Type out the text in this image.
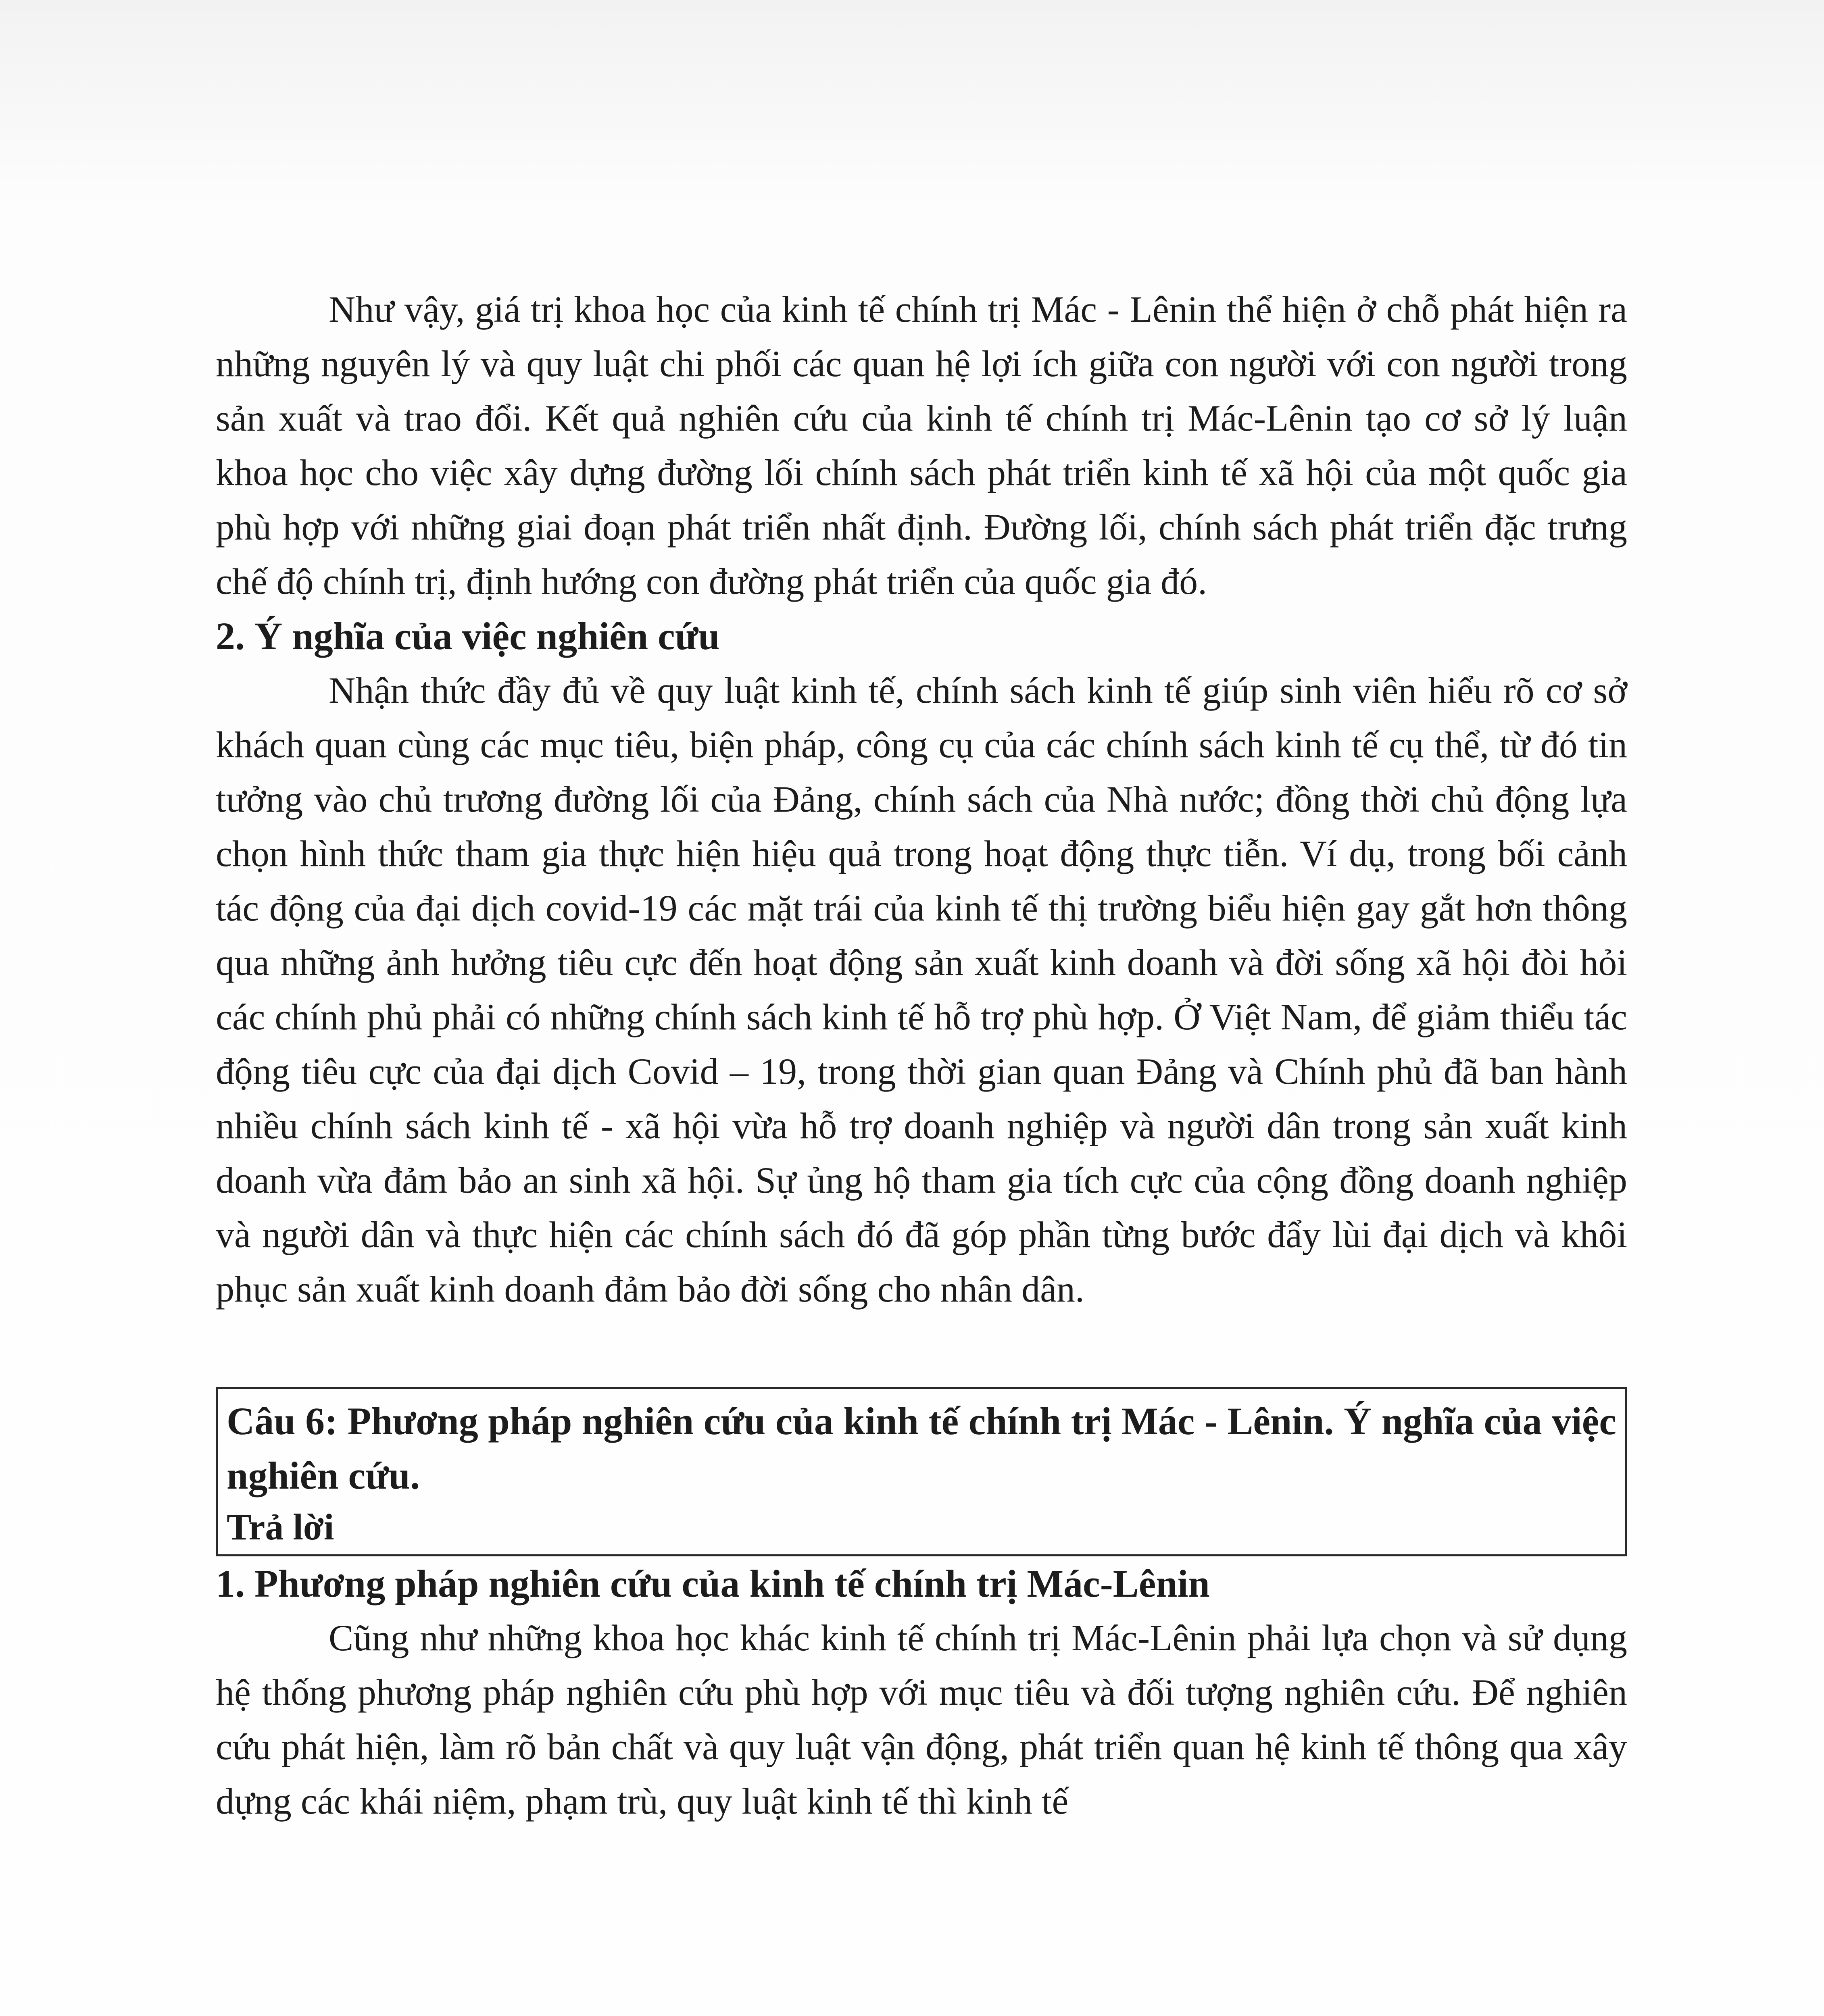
Như vậy, giá trị khoa học của kinh tế chính trị Mác - Lênin thể hiện ở chỗ phát hiện ra những nguyên lý và quy luật chi phối các quan hệ lợi ích giữa con người với con người trong sản xuất và trao đổi. Kết quả nghiên cứu của kinh tế chính trị Mác-Lênin tạo cơ sở lý luận khoa học cho việc xây dựng đường lối chính sách phát triển kinh tế xã hội của một quốc gia phù hợp với những giai đoạn phát triển nhất định. Đường lối, chính sách phát triển đặc trưng chế độ chính trị, định hướng con đường phát triển của quốc gia đó.

2. Ý nghĩa của việc nghiên cứu

Nhận thức đầy đủ về quy luật kinh tế, chính sách kinh tế giúp sinh viên hiểu rõ cơ sở khách quan cùng các mục tiêu, biện pháp, công cụ của các chính sách kinh tế cụ thể, từ đó tin tưởng vào chủ trương đường lối của Đảng, chính sách của Nhà nước; đồng thời chủ động lựa chọn hình thức tham gia thực hiện hiệu quả trong hoạt động thực tiễn. Ví dụ, trong bối cảnh tác động của đại dịch covid-19 các mặt trái của kinh tế thị trường biểu hiện gay gắt hơn thông qua những ảnh hưởng tiêu cực đến hoạt động sản xuất kinh doanh và đời sống xã hội đòi hỏi các chính phủ phải có những chính sách kinh tế hỗ trợ phù hợp. Ở Việt Nam, để giảm thiểu tác động tiêu cực của đại dịch Covid – 19, trong thời gian quan Đảng và Chính phủ đã ban hành nhiều chính sách kinh tế - xã hội vừa hỗ trợ doanh nghiệp và người dân trong sản xuất kinh doanh vừa đảm bảo an sinh xã hội. Sự ủng hộ tham gia tích cực của cộng đồng doanh nghiệp và người dân và thực hiện các chính sách đó đã góp phần từng bước đẩy lùi đại dịch và khôi phục sản xuất kinh doanh đảm bảo đời sống cho nhân dân.

Câu 6: Phương pháp nghiên cứu của kinh tế chính trị Mác - Lênin. Ý nghĩa của việc nghiên cứu.
Trả lời
1. Phương pháp nghiên cứu của kinh tế chính trị Mác-Lênin

Cũng như những khoa học khác kinh tế chính trị Mác-Lênin phải lựa chọn và sử dụng hệ thống phương pháp nghiên cứu phù hợp với mục tiêu và đối tượng nghiên cứu. Để nghiên cứu phát hiện, làm rõ bản chất và quy luật vận động, phát triển quan hệ kinh tế thông qua xây dựng các khái niệm, phạm trù, quy luật kinh tế thì kinh tế
